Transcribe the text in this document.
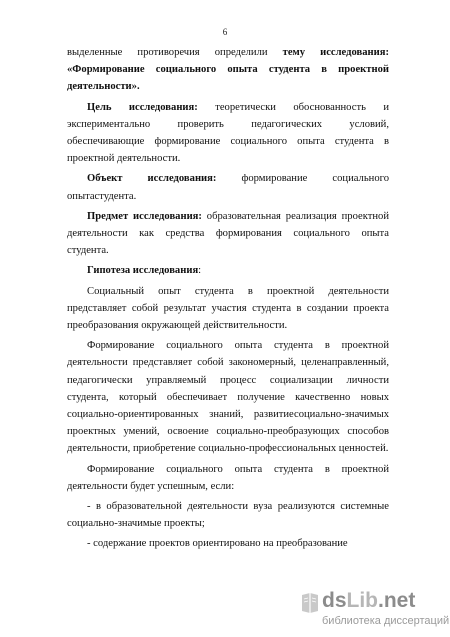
6

выделенные противоречия определили тему исследования: «Формирование социального опыта студента в проектной деятельности».

Цель исследования: теоретически обоснованность и экспериментально проверить педагогических условий, обеспечивающие формирование социального опыта студента в проектной деятельности.

Объект исследования: формирование социального опытастудента.

Предмет исследования: образовательная реализация проектной деятельности как средства формирования социального опыта студента.

Гипотеза исследования:

Социальный опыт студента в проектной деятельности представляет собой результат участия студента в создании проекта преобразования окружающей действительности.

Формирование социального опыта студента в проектной деятельности представляет собой закономерный, целенаправленный, педагогически управляемый процесс социализации личности студента, который обеспечивает получение качественно новых социально-ориентированных знаний, развитиесоциально-значимых проектных умений, освоение социально-преобразующих способов деятельности, приобретение социально-профессиональных ценностей.

Формирование социального опыта студента в проектной деятельности будет успешным, если:

- в образовательной деятельности вуза реализуются системные социально-значимые проекты;

- содержание проектов ориентировано на преобразование

dsLib.net
библиотека диссертаций
